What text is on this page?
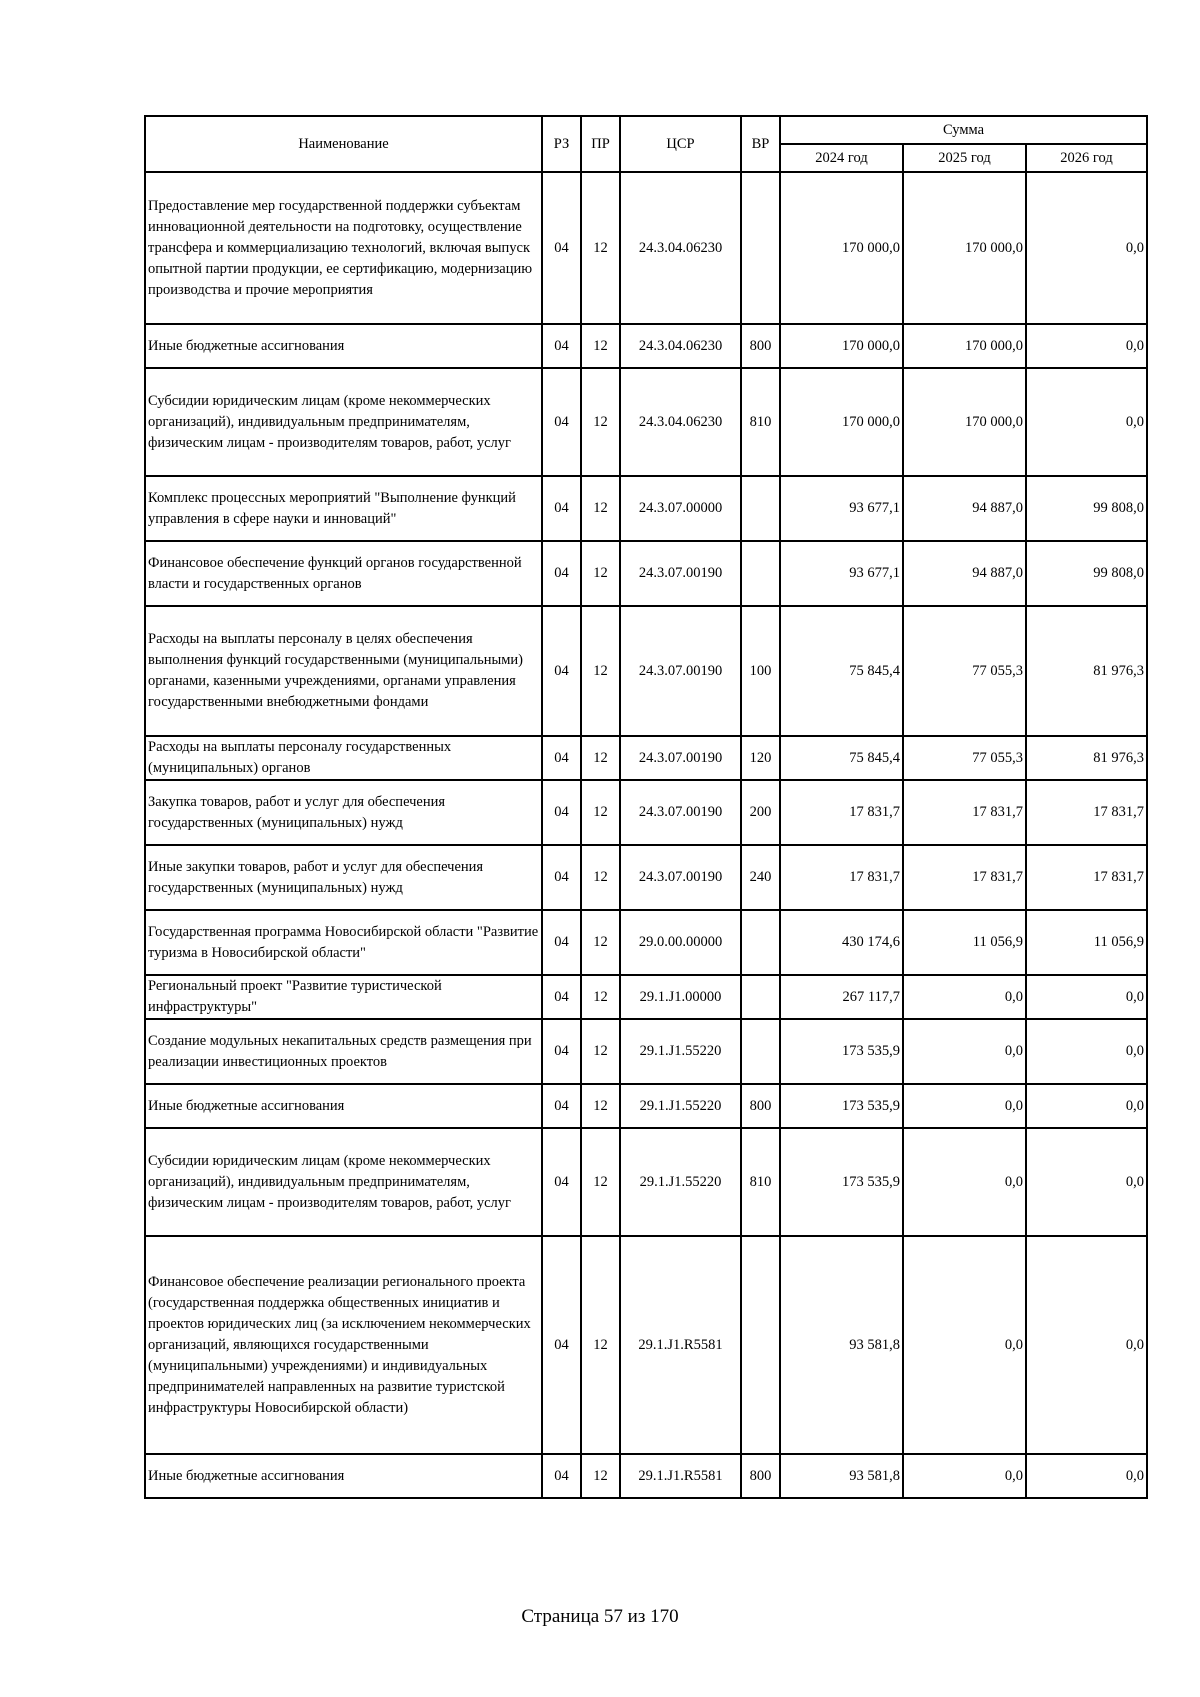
Наименование	РЗ	ПР	ЦСР	ВР	Сумма		
					2024 год	2025 год	2026 год
Предоставление мер государственной поддержки субъектам инновационной деятельности на подготовку, осуществление трансфера и коммерциализацию технологий, включая выпуск опытной партии продукции, ее сертификацию, модернизацию производства и прочие мероприятия	04	12	24.3.04.06230		170 000,0	170 000,0	0,0
Иные бюджетные ассигнования	04	12	24.3.04.06230	800	170 000,0	170 000,0	0,0
Субсидии юридическим лицам (кроме некоммерческих организаций), индивидуальным предпринимателям, физическим лицам - производителям товаров, работ, услуг	04	12	24.3.04.06230	810	170 000,0	170 000,0	0,0
Комплекс процессных мероприятий "Выполнение функций управления в сфере науки и инноваций"	04	12	24.3.07.00000		93 677,1	94 887,0	99 808,0
Финансовое обеспечение функций органов государственной власти и государственных органов	04	12	24.3.07.00190		93 677,1	94 887,0	99 808,0
Расходы на выплаты персоналу в целях обеспечения выполнения функций государственными (муниципальными) органами, казенными учреждениями, органами управления государственными внебюджетными фондами	04	12	24.3.07.00190	100	75 845,4	77 055,3	81 976,3
Расходы на выплаты персоналу государственных (муниципальных) органов	04	12	24.3.07.00190	120	75 845,4	77 055,3	81 976,3
Закупка товаров, работ и услуг для обеспечения государственных (муниципальных) нужд	04	12	24.3.07.00190	200	17 831,7	17 831,7	17 831,7
Иные закупки товаров, работ и услуг для обеспечения государственных (муниципальных) нужд	04	12	24.3.07.00190	240	17 831,7	17 831,7	17 831,7
Государственная программа Новосибирской области "Развитие туризма в Новосибирской области"	04	12	29.0.00.00000		430 174,6	11 056,9	11 056,9
Региональный проект "Развитие туристической инфраструктуры"	04	12	29.1.J1.00000		267 117,7	0,0	0,0
Создание модульных некапитальных средств размещения при реализации инвестиционных проектов	04	12	29.1.J1.55220		173 535,9	0,0	0,0
Иные бюджетные ассигнования	04	12	29.1.J1.55220	800	173 535,9	0,0	0,0
Субсидии юридическим лицам (кроме некоммерческих организаций), индивидуальным предпринимателям, физическим лицам - производителям товаров, работ, услуг	04	12	29.1.J1.55220	810	173 535,9	0,0	0,0
Финансовое обеспечение реализации регионального проекта (государственная поддержка общественных инициатив и проектов юридических лиц (за исключением некоммерческих организаций, являющихся государственными (муниципальными) учреждениями) и индивидуальных предпринимателей направленных на развитие туристской инфраструктуры Новосибирской области)	04	12	29.1.J1.R5581		93 581,8	0,0	0,0
Иные бюджетные ассигнования	04	12	29.1.J1.R5581	800	93 581,8	0,0	0,0
Страница 57 из 170
